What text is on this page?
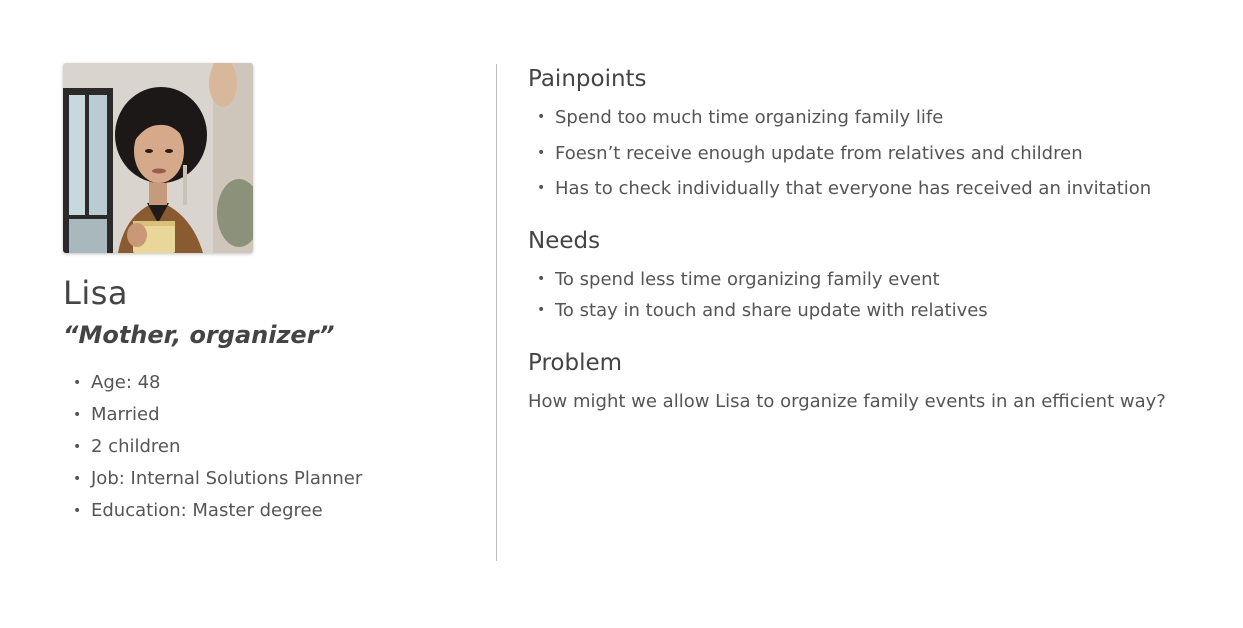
Lisa
“Mother, organizer”
• Age: 48
• Married
• 2 children
• Job: Internal Solutions Planner
• Education: Master degree
Painpoints
• Spend too much time organizing family life
• Foesn’t receive enough update from relatives and children
• Has to check individually that everyone has received an invitation
Needs
• To spend less time organizing family event
• To stay in touch and share update with relatives
Problem

How might we allow Lisa to organize family events in an efficient way?
